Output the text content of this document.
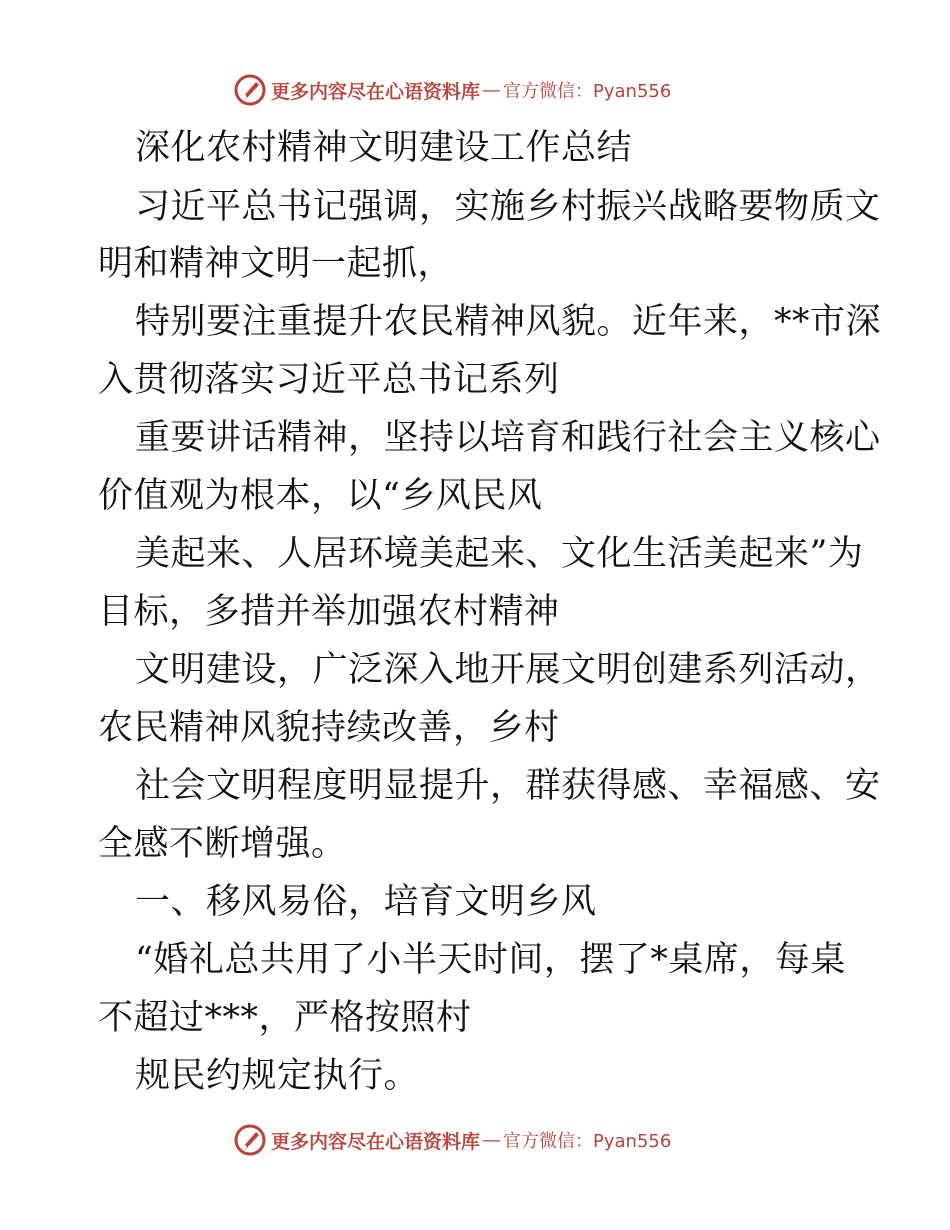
更多内容尽在心语资料库 — 官方微信：Pyan556
深化农村精神文明建设工作总结
习近平总书记强调，实施乡村振兴战略要物质文
明和精神文明一起抓，
特别要注重提升农民精神风貌。近年来，**市深
入贯彻落实习近平总书记系列
重要讲话精神，坚持以培育和践行社会主义核心
价值观为根本，以“乡风民风
美起来、人居环境美起来、文化生活美起来”为
目标，多措并举加强农村精神
文明建设，广泛深入地开展文明创建系列活动，
农民精神风貌持续改善，乡村
社会文明程度明显提升，群获得感、幸福感、安
全感不断增强。
一、移风易俗，培育文明乡风
“婚礼总共用了小半天时间，摆了*桌席，每桌
不超过***，严格按照村
规民约规定执行。
更多内容尽在心语资料库 — 官方微信：Pyan556
